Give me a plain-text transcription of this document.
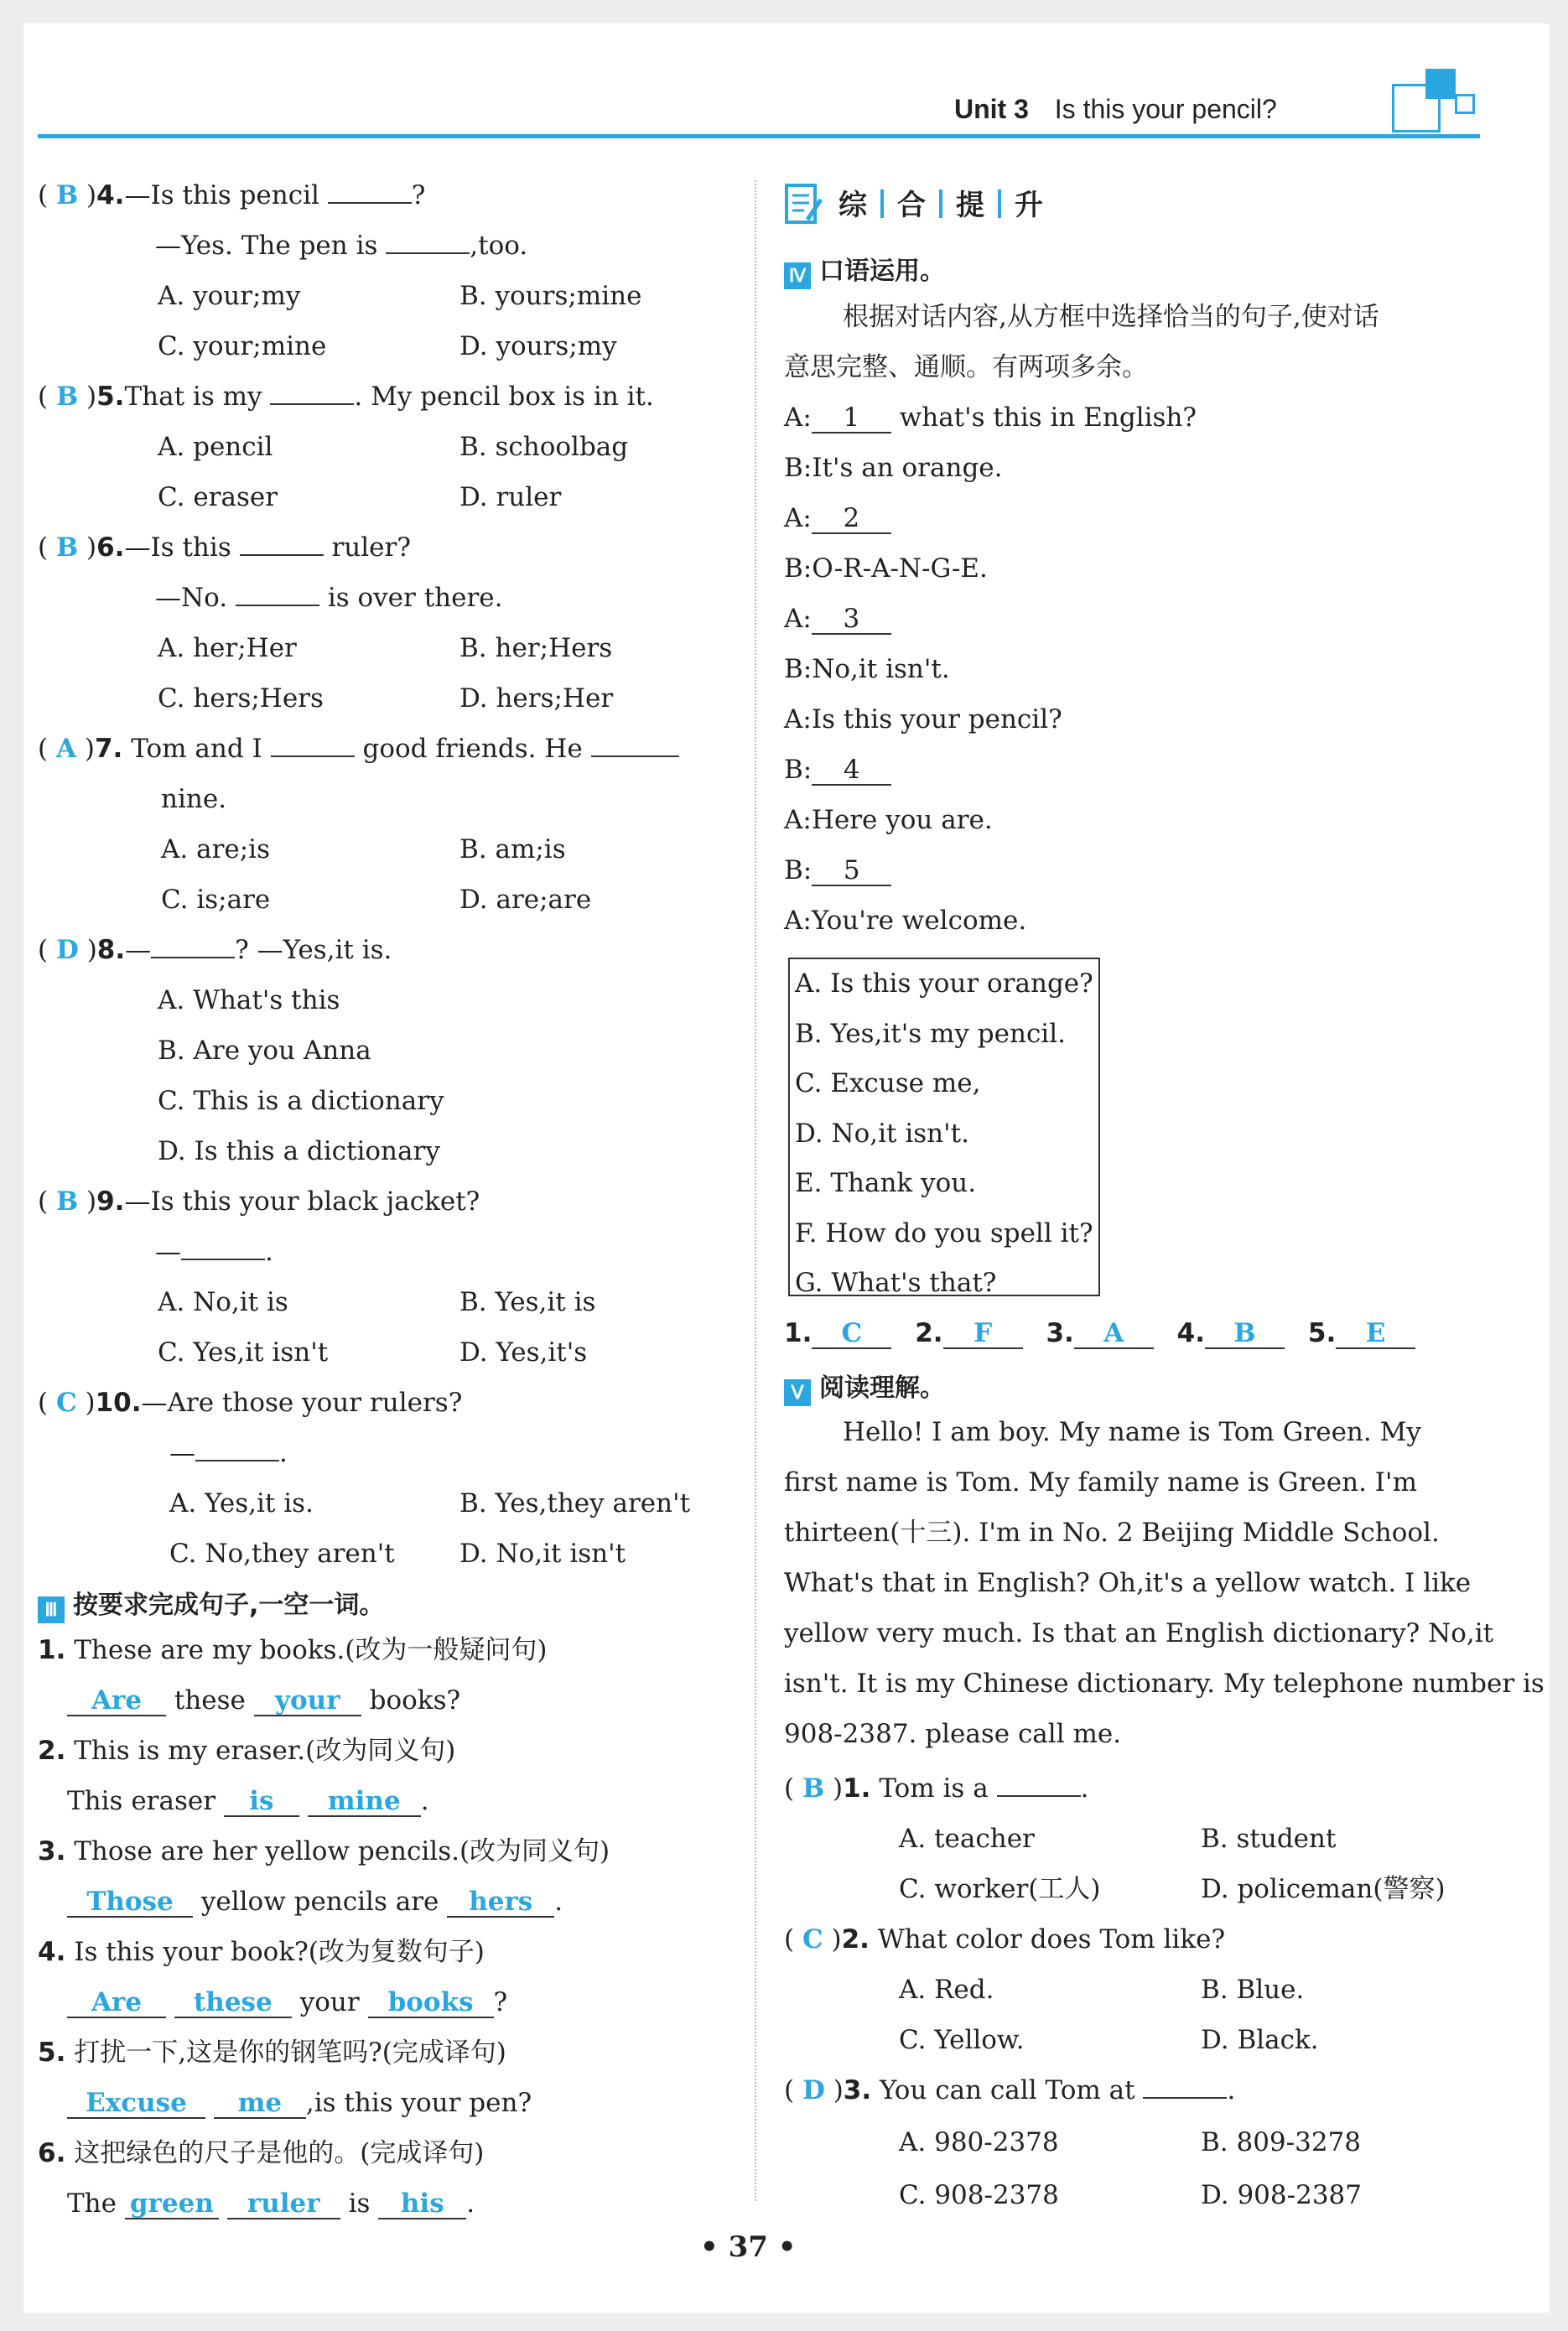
Unit 3 Is this your pencil?
( B )4.—Is this pencil	?
—Yes. The pen is	,too.
A. your;my	B. yours;mine
C. your;mine	D. yours;my
( B )5.That is my	. My pencil box is in it.
A. pencil	B. schoolbag
C. eraser	D. ruler
( B )6.—Is this	ruler?
—No.	is over there.
A. her;Her	B. her;Hers
C. hers;Hers	D. hers;Her
( A )7. Tom and I	good friends. He
nine.
A. are;is	B. am;is
C. is;are	D. are;are
( D )8.—	? —Yes,it is.
A. What's this
B. Are you Anna
C. This is a dictionary
D. Is this a dictionary
( B )9.—Is this your black jacket?
—	.
A. No,it is	B. Yes,it is
C. Yes,it isn't	D. Yes,it's
( C )10.—Are those your rulers?
—	.
A. Yes,it is.	B. Yes,they aren't
C. No,they aren't D. No,it isn't
Ⅲ 按要求完成句子,一空一词。
1. These are my books.(改为一般疑问句)
Are these your books?
2. This is my eraser.(改为同义句)
This eraser is mine .
3. Those are her yellow pencils.(改为同义句)
Those yellow pencils are hers .
4. Is this your book?(改为复数句子)
Are these your books ?
5. 打扰一下,这是你的钢笔吗?(完成译句)
Excuse me ,is this your pen?
6. 这把绿色的尺子是他的。(完成译句)
The green ruler is his .
综 合 提 升
Ⅳ 口语运用。
根据对话内容,从方框中选择恰当的句子,使对话
意思完整、通顺。有两项多余。
A: 1 what's this in English?
B:It's an orange.
A: 2
B:O-R-A-N-G-E.
A: 3
B:No,it isn't.
A:Is this your pencil?
B: 4
A:Here you are.
B: 5
A:You're welcome.
A. Is this your orange?
B. Yes,it's my pencil.
C. Excuse me,
D. No,it isn't.
E. Thank you.
F. How do you spell it?
G. What's that?
1. C 2. F 3. A 4. B 5. E
Ⅴ 阅读理解。
Hello! I am boy. My name is Tom Green. My
first name is Tom. My family name is Green. I'm
thirteen(十三). I'm in No. 2 Beijing Middle School.
What's that in English? Oh,it's a yellow watch. I like
yellow very much. Is that an English dictionary? No,it
isn't. It is my Chinese dictionary. My telephone number is
908-2387. please call me.
( B )1. Tom is a	.
A. teacher	B. student
C. worker(工人)	D. policeman(警察)
( C )2. What color does Tom like?
A. Red.	B. Blue.
C. Yellow.	D. Black.
( D )3. You can call Tom at	.
A. 980-2378	B. 809-3278
C. 908-2378	D. 908-2387
• 37 •
